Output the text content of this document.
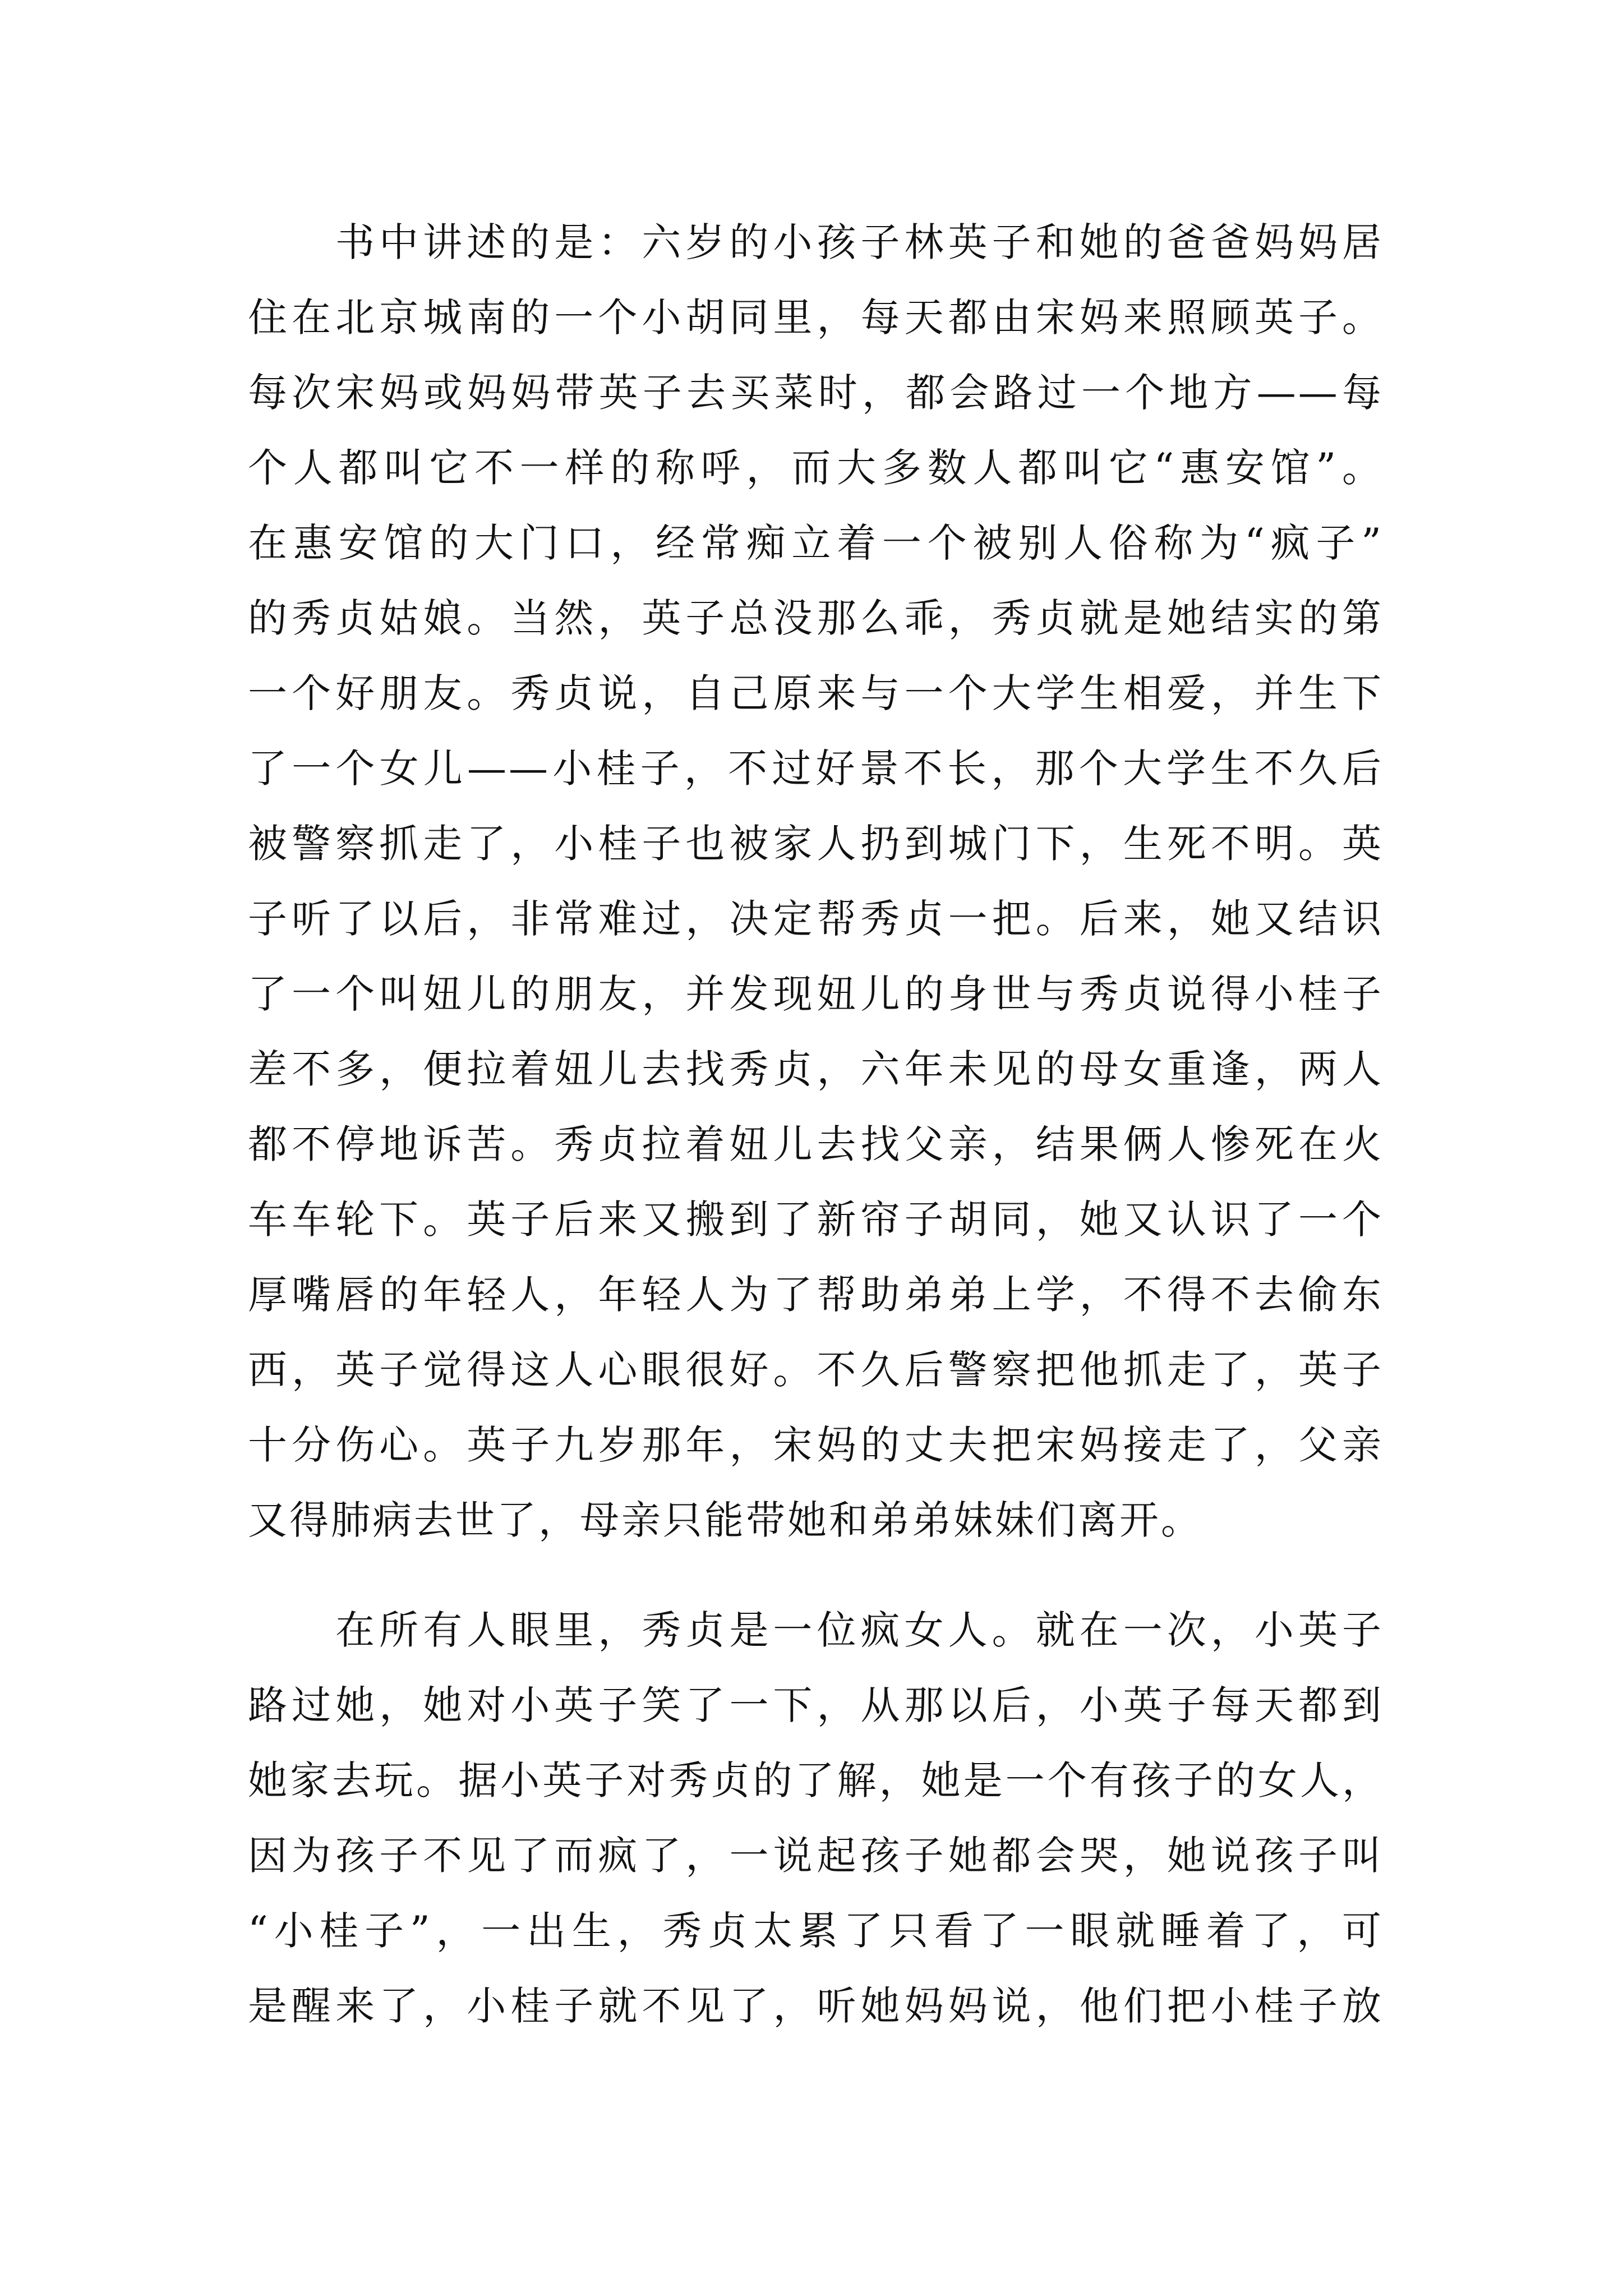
书中讲述的是：六岁的小孩子林英子和她的爸爸妈妈居
住在北京城南的一个小胡同里，每天都由宋妈来照顾英子。
每次宋妈或妈妈带英子去买菜时，都会路过一个地方——每
个人都叫它不一样的称呼，而大多数人都叫它“惠安馆”。
在惠安馆的大门口，经常痴立着一个被别人俗称为“疯子”
的秀贞姑娘。当然，英子总没那么乖，秀贞就是她结实的第
一个好朋友。秀贞说，自己原来与一个大学生相爱，并生下
了一个女儿——小桂子，不过好景不长，那个大学生不久后
被警察抓走了，小桂子也被家人扔到城门下，生死不明。英
子听了以后，非常难过，决定帮秀贞一把。后来，她又结识
了一个叫妞儿的朋友，并发现妞儿的身世与秀贞说得小桂子
差不多，便拉着妞儿去找秀贞，六年未见的母女重逢，两人
都不停地诉苦。秀贞拉着妞儿去找父亲，结果俩人惨死在火
车车轮下。英子后来又搬到了新帘子胡同，她又认识了一个
厚嘴唇的年轻人，年轻人为了帮助弟弟上学，不得不去偷东
西，英子觉得这人心眼很好。不久后警察把他抓走了，英子
十分伤心。英子九岁那年，宋妈的丈夫把宋妈接走了，父亲
又得肺病去世了，母亲只能带她和弟弟妹妹们离开。
在所有人眼里，秀贞是一位疯女人。就在一次，小英子
路过她，她对小英子笑了一下，从那以后，小英子每天都到
她家去玩。据小英子对秀贞的了解，她是一个有孩子的女人，
因为孩子不见了而疯了，一说起孩子她都会哭，她说孩子叫
“小桂子”，一出生，秀贞太累了只看了一眼就睡着了，可
是醒来了，小桂子就不见了，听她妈妈说，他们把小桂子放
